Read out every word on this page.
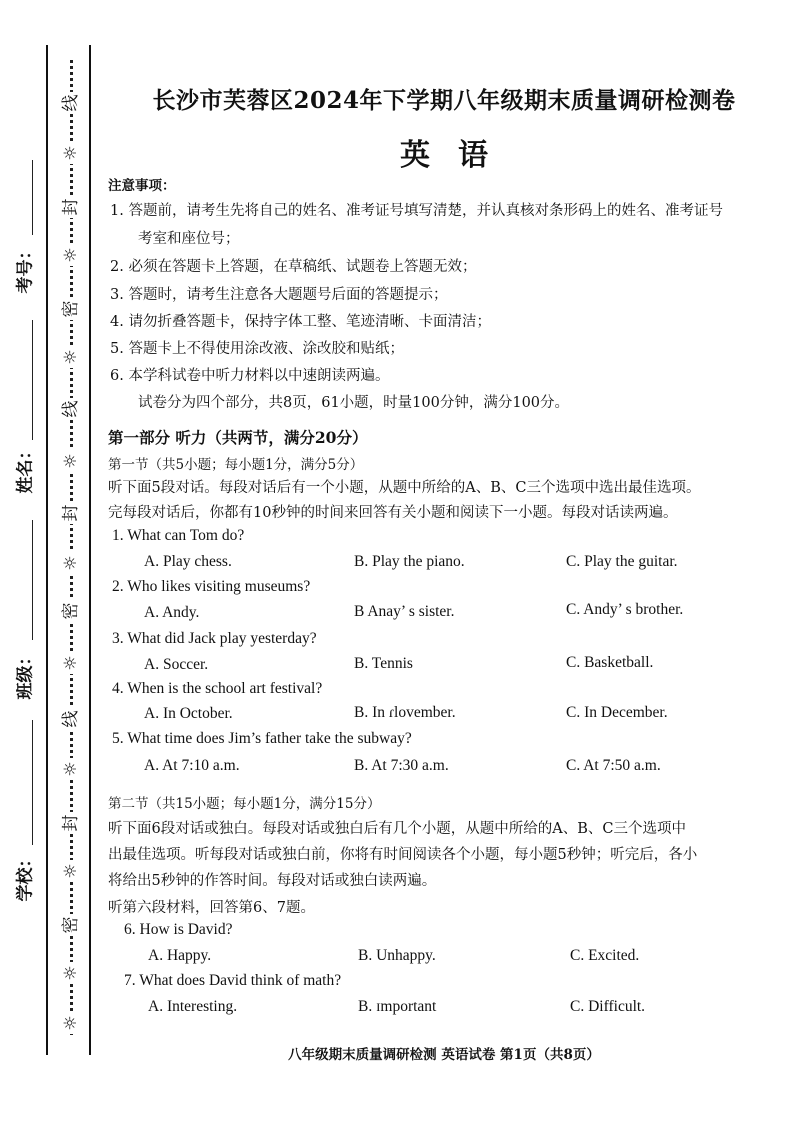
考号：
姓名：
班级：
学校：
线
☼
封
☼
密
☼
线
☼
封
☼
密
☼
线
☼
封
☼
密
☼
☼
长沙市芙蓉区2024年下学期八年级期末质量调研检测卷
英语
注意事项：
1. 答题前，请考生先将自己的姓名、准考证号填写清楚，并认真核对条形码上的姓名、准考证号
考室和座位号；
2. 必须在答题卡上答题，在草稿纸、试题卷上答题无效；
3. 答题时，请考生注意各大题题号后面的答题提示；
4. 请勿折叠答题卡，保持字体工整、笔迹清晰、卡面清洁；
5. 答题卡上不得使用涂改液、涂改胶和贴纸；
6. 本学科试卷中听力材料以中速朗读两遍。
试卷分为四个部分，共8页，61小题，时量100分钟，满分100分。
第一部分 听力（共两节，满分20分）
第一节（共5小题；每小题1分，满分5分）
听下面5段对话。每段对话后有一个小题，从题中所给的A、B、C三个选项中选出最佳选项。
完每段对话后，你都有10秒钟的时间来回答有关小题和阅读下一小题。每段对话读两遍。
1. What can Tom do?
A. Play chess.	B. Play the piano.	C. Play the guitar.
2. Who likes visiting museums?
A. Andy.	B Anay’ s sister.	C. Andy’ s brother.
3. What did Jack play yesterday?
A. Soccer.	B. Tennis	C. Basketball.
4. When is the school art festival?
A. In October.	B. In ɾlovember.	C. In December.
5. What time does Jim’s father take the subway?
A. At 7:10 a.m.	B. At 7:30 a.m.	C. At 7:50 a.m.
第二节（共15小题；每小题1分，满分15分）
听下面6段对话或独白。每段对话或独白后有几个小题，从题中所给的A、B、C三个选项中
出最佳选项。听每段对话或独白前，你将有时间阅读各个小题，每小题5秒钟；听完后，各小
将给出5秒钟的作答时间。每段对话或独白读两遍。
听第六段材料，回答第6、7题。
6. How is David?
A. Happy.	B. Unhappy.	C. Excited.
7. What does David think of math?
A. Interesting.	B. ɪmportant	C. Difficult.
八年级期末质量调研检测 英语试卷 第1页（共8页）
